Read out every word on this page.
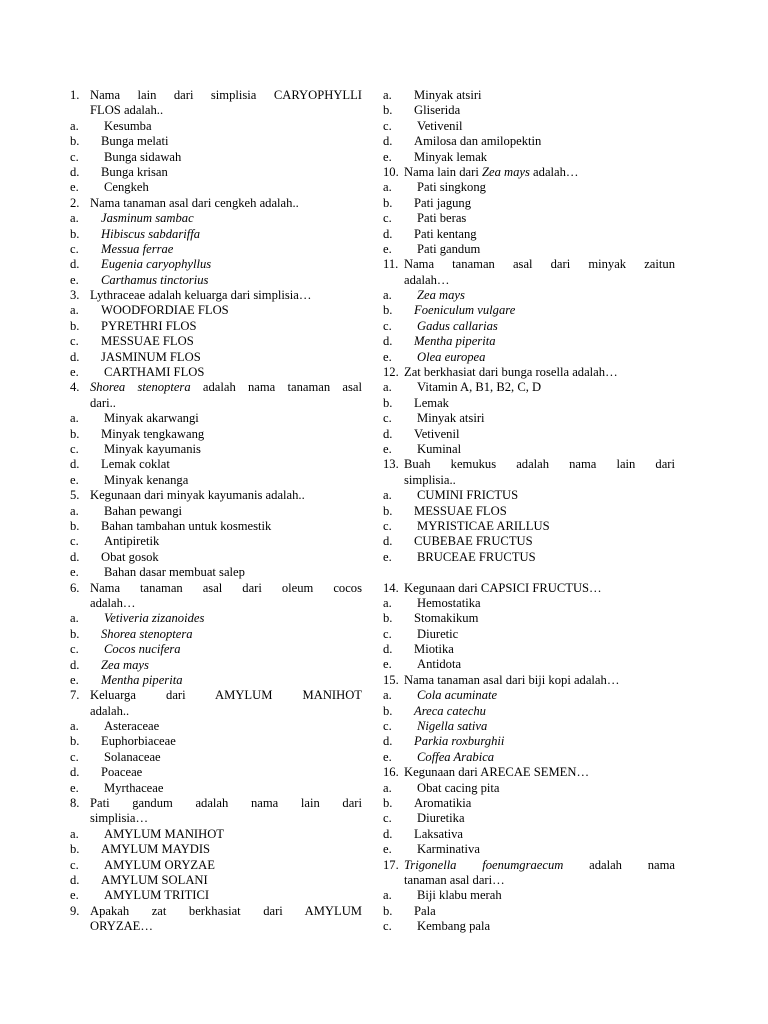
1. Nama lain dari simplisia CARYOPHYLLI
FLOS adalah..
a. Kesumba
b. Bunga melati
c. Bunga sidawah
d. Bunga krisan
e. Cengkeh
2. Nama tanaman asal dari cengkeh adalah..
a. Jasminum sambac
b. Hibiscus sabdariffa
c. Messua ferrae
d. Eugenia caryophyllus
e. Carthamus tinctorius
3. Lythraceae adalah keluarga dari simplisia…
a. WOODFORDIAE FLOS
b. PYRETHRI FLOS
c. MESSUAE FLOS
d. JASMINUM FLOS
e. CARTHAMI FLOS
4. Shorea stenoptera adalah nama tanaman asal
dari..
a. Minyak akarwangi
b. Minyak tengkawang
c. Minyak kayumanis
d. Lemak coklat
e. Minyak kenanga
5. Kegunaan dari minyak kayumanis adalah..
a. Bahan pewangi
b. Bahan tambahan untuk kosmestik
c. Antipiretik
d. Obat gosok
e. Bahan dasar membuat salep
6. Nama tanaman asal dari oleum cocos
adalah…
a. Vetiveria zizanoides
b. Shorea stenoptera
c. Cocos nucifera
d. Zea mays
e. Mentha piperita
7. Keluarga dari AMYLUM MANIHOT
adalah..
a. Asteraceae
b. Euphorbiaceae
c. Solanaceae
d. Poaceae
e. Myrthaceae
8. Pati gandum adalah nama lain dari
simplisia…
a. AMYLUM MANIHOT
b. AMYLUM MAYDIS
c. AMYLUM ORYZAE
d. AMYLUM SOLANI
e. AMYLUM TRITICI
9. Apakah zat berkhasiat dari AMYLUM
ORYZAE…
a. Minyak atsiri
b. Gliserida
c. Vetivenil
d. Amilosa dan amilopektin
e. Minyak lemak
10. Nama lain dari Zea mays adalah…
a. Pati singkong
b. Pati jagung
c. Pati beras
d. Pati kentang
e. Pati gandum
11. Nama tanaman asal dari minyak zaitun
adalah…
a. Zea mays
b. Foeniculum vulgare
c. Gadus callarias
d. Mentha piperita
e. Olea europea
12. Zat berkhasiat dari bunga rosella adalah…
a. Vitamin A, B1, B2, C, D
b. Lemak
c. Minyak atsiri
d. Vetivenil
e. Kuminal
13. Buah kemukus adalah nama lain dari
simplisia..
a. CUMINI FRICTUS
b. MESSUAE FLOS
c. MYRISTICAE ARILLUS
d. CUBEBAE FRUCTUS
e. BRUCEAE FRUCTUS
14. Kegunaan dari CAPSICI FRUCTUS…
a. Hemostatika
b. Stomakikum
c. Diuretic
d. Miotika
e. Antidota
15. Nama tanaman asal dari biji kopi adalah…
a. Cola acuminate
b. Areca catechu
c. Nigella sativa
d. Parkia roxburghii
e. Coffea Arabica
16. Kegunaan dari ARECAE SEMEN…
a. Obat cacing pita
b. Aromatikia
c. Diuretika
d. Laksativa
e. Karminativa
17. Trigonella foenumgraecum adalah nama
tanaman asal dari…
a. Biji klabu merah
b. Pala
c. Kembang pala
